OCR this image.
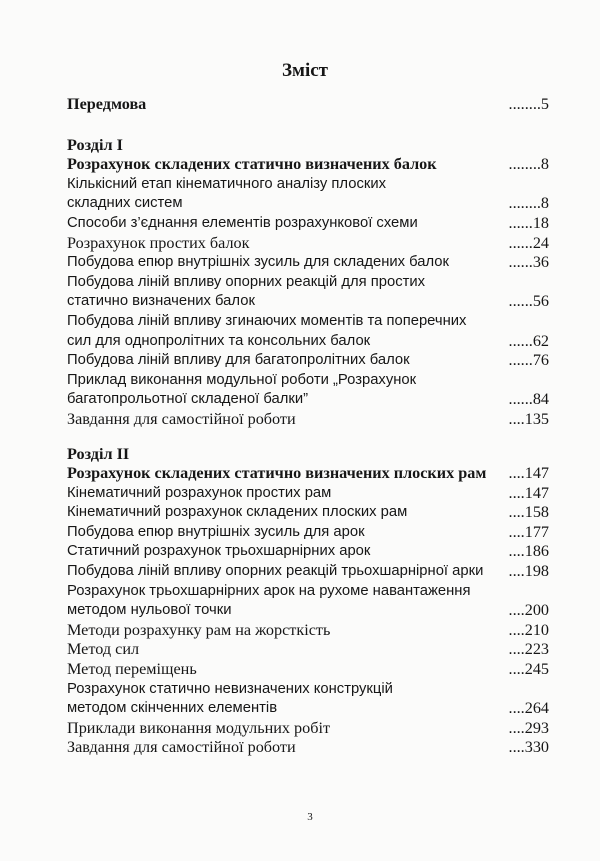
Зміст
Передмова	........5
Розділ I
Розрахунок складених статично визначених балок	........8
Кількісний етап кінематичного аналізу плоских
складних систем	........8
Способи з’єднання елементів розрахункової схеми	......18
Розрахунок простих балок	......24
Побудова епюр внутрішніх зусиль для складених балок	......36
Побудова ліній впливу опорних реакцій для простих
статично визначених балок	......56
Побудова ліній впливу згинаючих моментів та поперечних
сил для однопролітних та консольних балок	......62
Побудова ліній впливу для багатопролітних балок	......76
Приклад виконання модульної роботи „Розрахунок
багатопрольотної складеної балки”	......84
Завдання для самостійної роботи	....135
Розділ II
Розрахунок складених статично визначених плоских рам ....147
Кінематичний розрахунок простих рам	....147
Кінематичний розрахунок складених плоских рам	....158
Побудова епюр внутрішніх зусиль для арок	....177
Статичний розрахунок трьохшарнірних арок	....186
Побудова ліній впливу опорних реакцій трьохшарнірної арки ....198
Розрахунок трьохшарнірних арок на рухоме навантаження
методом нульової точки	....200
Методи розрахунку рам на жорсткість	....210
Метод сил	....223
Метод переміщень	....245
Розрахунок статично невизначених конструкцій
методом скінченних елементів	....264
Приклади виконання модульних робіт	....293
Завдання для самостійної роботи	....330
3
